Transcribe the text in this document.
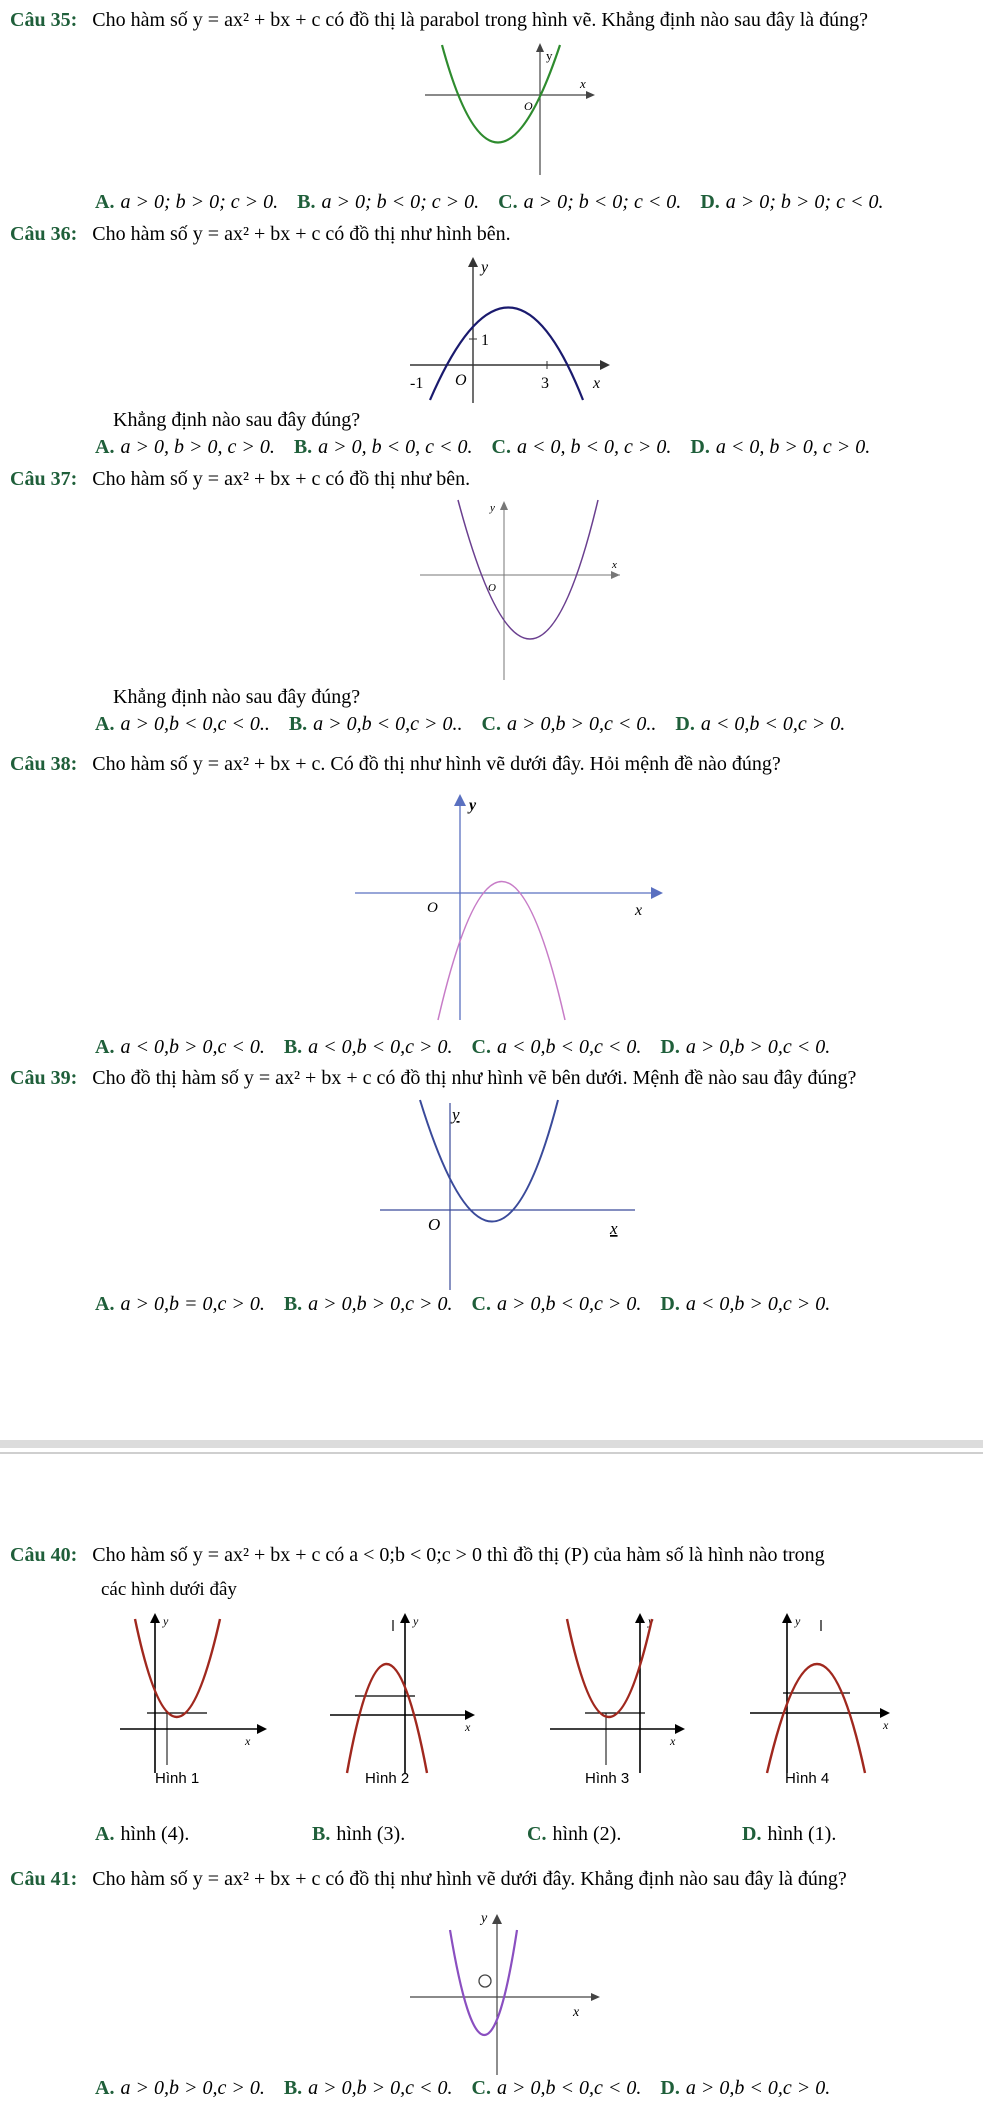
Câu 35: Cho hàm số y = ax² + bx + c có đồ thị là parabol trong hình vẽ. Khẳng định nào sau đây là đúng?
y
x
O
A. a > 0; b > 0; c > 0. B. a > 0; b < 0; c > 0. C. a > 0; b < 0; c < 0. D. a > 0; b > 0; c < 0.
Câu 36: Cho hàm số y = ax² + bx + c có đồ thị như hình bên.
y
x
O
-1
1
3
Khẳng định nào sau đây đúng?
A. a > 0, b > 0, c > 0. B. a > 0, b < 0, c < 0. C. a < 0, b < 0, c > 0. D. a < 0, b > 0, c > 0.
Câu 37: Cho hàm số y = ax² + bx + c có đồ thị như bên.
y
x
O
Khẳng định nào sau đây đúng?
A. a > 0,b < 0,c < 0.. B. a > 0,b < 0,c > 0.. C. a > 0,b > 0,c < 0.. D. a < 0,b < 0,c > 0.
Câu 38: Cho hàm số y = ax² + bx + c. Có đồ thị như hình vẽ dưới đây. Hỏi mệnh đề nào đúng?
y
x
O
A. a < 0,b > 0,c < 0. B. a < 0,b < 0,c > 0. C. a < 0,b < 0,c < 0. D. a > 0,b > 0,c < 0.
Câu 39: Cho đồ thị hàm số y = ax² + bx + c có đồ thị như hình vẽ bên dưới. Mệnh đề nào sau đây đúng?
y
x
O
A. a > 0,b = 0,c > 0. B. a > 0,b > 0,c > 0. C. a > 0,b < 0,c > 0. D. a < 0,b > 0,c > 0.
Câu 40: Cho hàm số y = ax² + bx + c có a < 0;b < 0;c > 0 thì đồ thị (P) của hàm số là hình nào trong
các hình dưới đây
y
x
Hình 1
y
x
Hình 2
y
x
Hình 3
y
x
Hình 4
A. hình (4).	B. hình (3).	C. hình (2).	D. hình (1).
Câu 41: Cho hàm số y = ax² + bx + c có đồ thị như hình vẽ dưới đây. Khẳng định nào sau đây là đúng?
y
x
A. a > 0,b > 0,c > 0. B. a > 0,b > 0,c < 0. C. a > 0,b < 0,c < 0. D. a > 0,b < 0,c > 0.
